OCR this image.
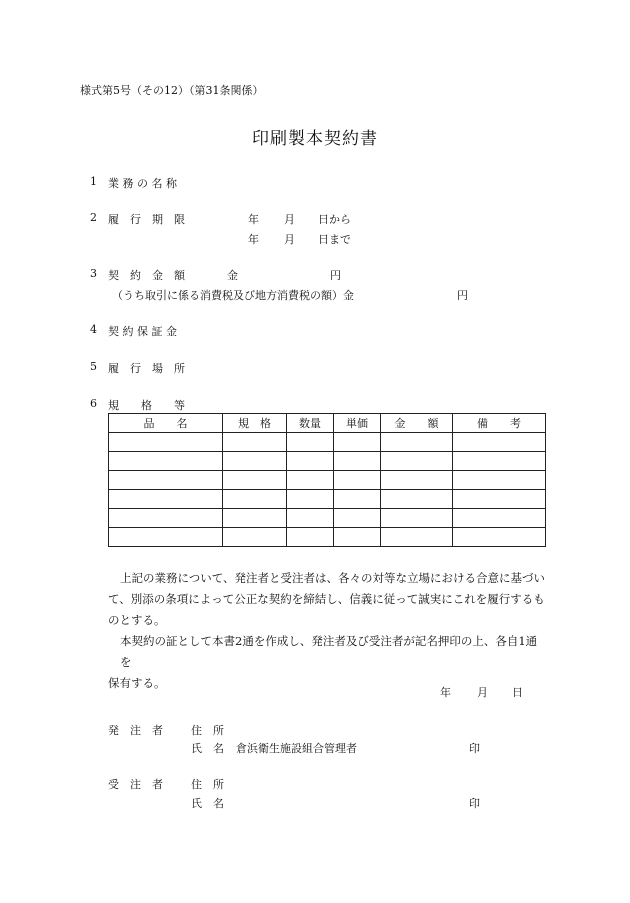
様式第5号（その12）（第31条関係）
印刷製本契約書
1 業 務 の 名 称
2 履　行　期　限	年 月 日から
年 月 日まで
3 契　約　金　額	金	円
（うち取引に係る消費税及び地方消費税の額）金	円
4 契 約 保 証 金
5 履　行　場　所
6 規　　格　　等
品　　名	規　格	数量	単価	金　　額	備　　考

上記の業務について、発注者と受注者は、各々の対等な立場における合意に基づい
て、別添の条項によって公正な契約を締結し、信義に従って誠実にこれを履行するも
のとする。
本契約の証として本書2通を作成し、発注者及び受注者が記名押印の上、各自1通を
保有する。
年 月 日
発　注　者	住　所
氏　名 倉浜衛生施設組合管理者	印
受　注　者	住　所
氏　名	印
